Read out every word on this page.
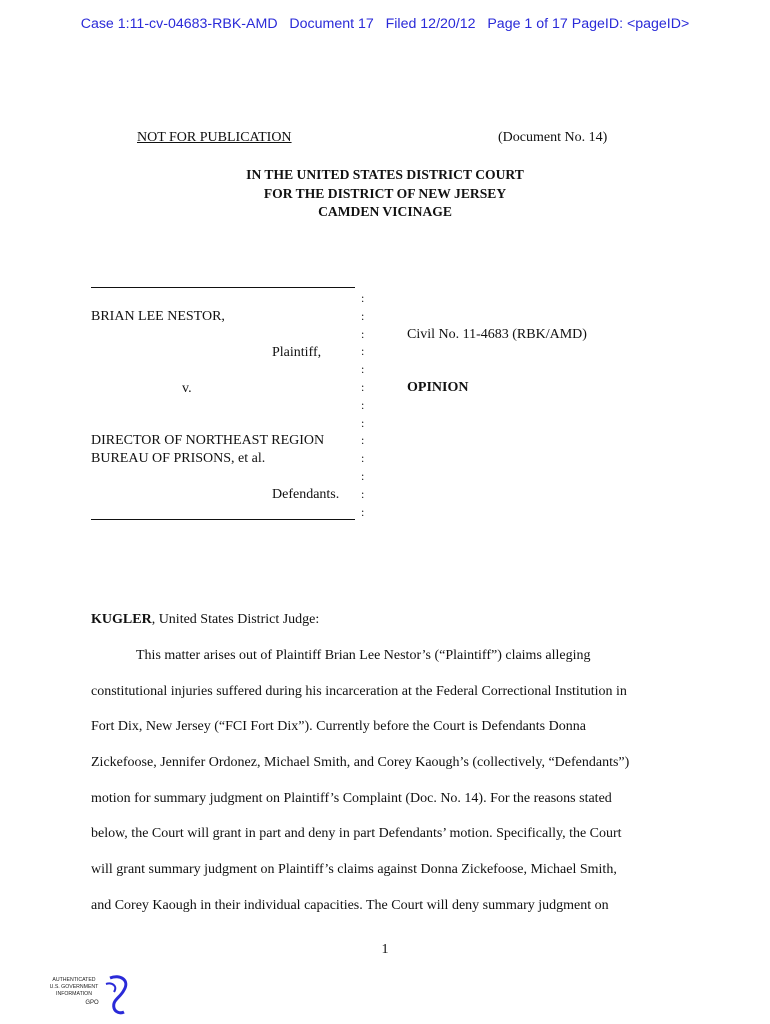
Case 1:11-cv-04683-RBK-AMD   Document 17   Filed 12/20/12   Page 1 of 17 PageID: <pageID>
NOT FOR PUBLICATION	(Document No. 14)
IN THE UNITED STATES DISTRICT COURT
FOR THE DISTRICT OF NEW JERSEY
CAMDEN VICINAGE
BRIAN LEE NESTOR,
Plaintiff,
v.
DIRECTOR OF NORTHEAST REGION
BUREAU OF PRISONS, et al.
Defendants.
:
:
:
:
:
:
:
:
:
:
:
:
:
Civil No. 11-4683 (RBK/AMD)
OPINION
KUGLER, United States District Judge:
This matter arises out of Plaintiff Brian Lee Nestor’s (“Plaintiff”) claims alleging
constitutional injuries suffered during his incarceration at the Federal Correctional Institution in
Fort Dix, New Jersey (“FCI Fort Dix”). Currently before the Court is Defendants Donna
Zickefoose, Jennifer Ordonez, Michael Smith, and Corey Kaough’s (collectively, “Defendants”)
motion for summary judgment on Plaintiff’s Complaint (Doc. No. 14). For the reasons stated
below, the Court will grant in part and deny in part Defendants’ motion. Specifically, the Court
will grant summary judgment on Plaintiff’s claims against Donna Zickefoose, Michael Smith,
and Corey Kaough in their individual capacities. The Court will deny summary judgment on
1
AUTHENTICATED
U.S. GOVERNMENT
INFORMATION
GPO
